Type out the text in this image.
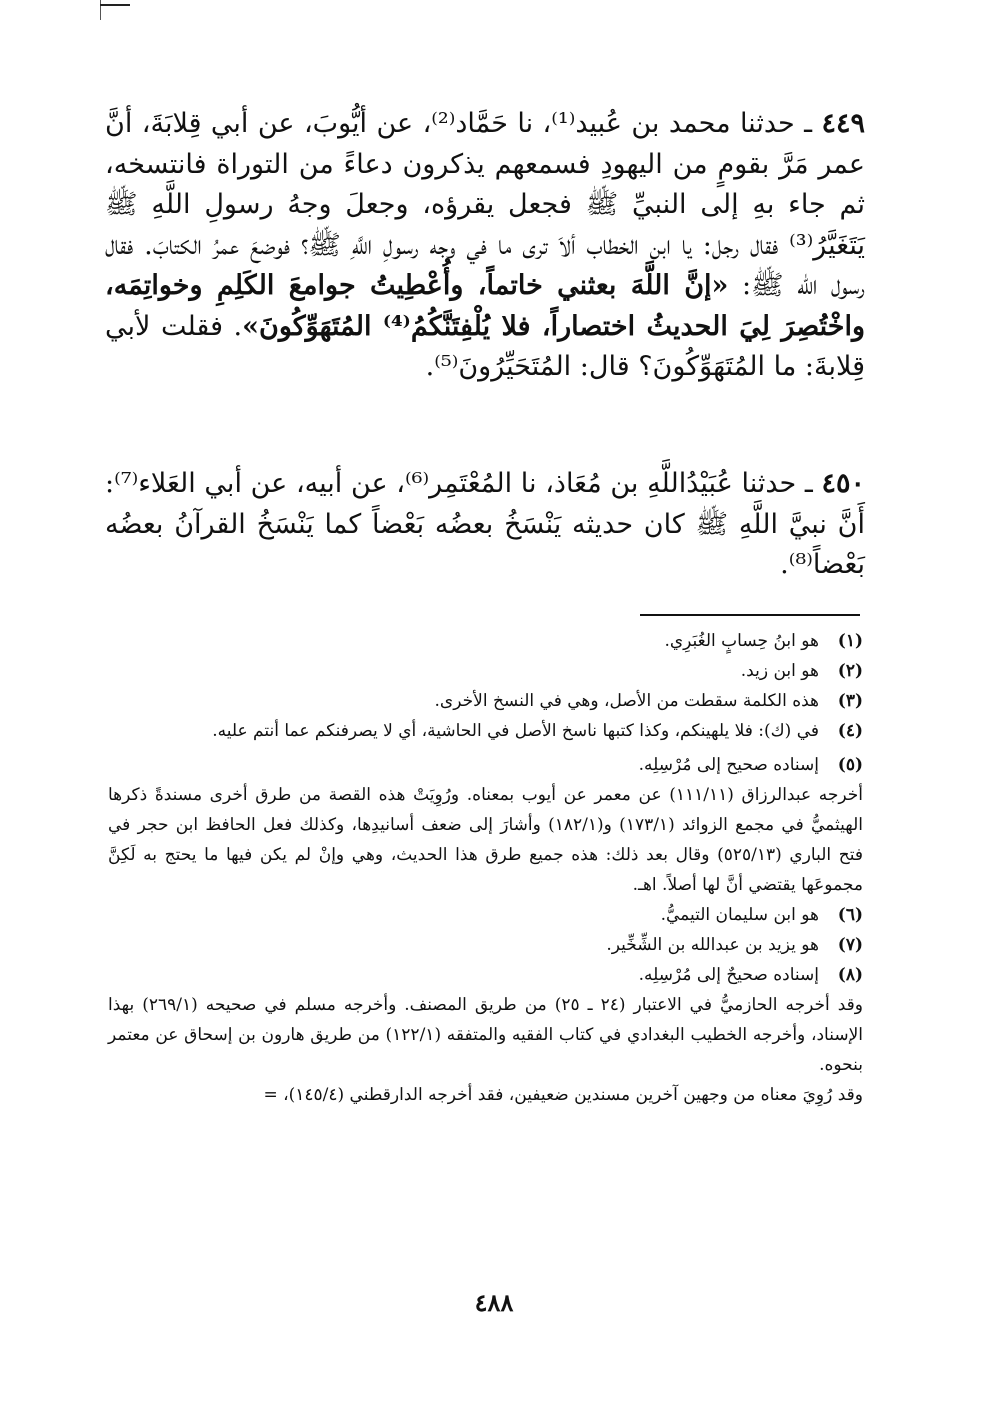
٤٤٩ ـ حدثنا محمد بن عُبيد⁽¹⁾، نا حَمَّاد⁽²⁾، عن أيُّوبَ، عن أبي قِلابَةَ، أنَّ عمر مَرَّ بقومٍ من اليهودِ فسمعهم يذكرون دعاءً من التوراة فانتسخه، ثم جاء بهِ إلى النبيِّ ﷺ فجعل يقرؤه، وجعلَ وجهُ رسولِ اللَّهِ ﷺ يَتَغَيَّرُ⁽³⁾ فقال رجل: يا ابن الخطاب ألاَ ترى ما في وجه رسولِ اللَّهِ ﷺ؟ فوضعَ عمرُ الكتابَ. فقال رسول الله ﷺ: «إنَّ اللَّهَ بعثني خاتماً، وأُعْطِيتُ جوامعَ الكَلِمِ وخواتِمَه، واخْتُصِرَ لِيَ الحديثُ اختصاراً، فلا يُلْفِتَنَّكُمُ⁽⁴⁾ المُتَهَوِّكُونَ». فقلت لأبي قِلابةَ: ما المُتَهَوِّكُونَ؟ قال: المُتَحَيِّرُونَ⁽⁵⁾.
٤٥٠ ـ حدثنا عُبَيْدُاللَّهِ بن مُعَاذ، نا المُعْتَمِر⁽⁶⁾، عن أبيه، عن أبي العَلاء⁽⁷⁾: أَنَّ نبيَّ اللَّهِ ﷺ كان حديثه يَنْسَخُ بعضُه بَعْضاً كما يَنْسَخُ القرآنُ بعضُه بَعْضاً⁽⁸⁾.
(١)
هو ابنُ حِسابٍ الغُبَرِي.
(٢)
هو ابن زيد.
(٣)
هذه الكلمة سقطت من الأصل، وهي في النسخ الأخرى.
(٤)
في (ك): فلا يلهينكم، وكذا كتبها ناسخ الأصل في الحاشية، أي لا يصرفنكم عما أنتم عليه.
(٥)
إسناده صحيح إلى مُرْسِلِه.
أخرجه عبدالرزاق (١١١/١١) عن معمر عن أيوب بمعناه. ورُوِيَتْ هذه القصة من طرق أخرى مسندةً ذكرها الهيثميُّ في مجمع الزوائد (١٧٣/١) و(١٨٢/١) وأشارَ إلى ضعف أسانيدِها، وكذلك فعل الحافظ ابن حجر في فتح الباري (٥٢٥/١٣) وقال بعد ذلك: هذه جميع طرق هذا الحديث، وهي وإنْ لم يكن فيها ما يحتج به لَكِنَّ مجموعَها يقتضي أنَّ لها أصلاً. اهـ.
(٦)
هو ابن سليمان التيميُّ.
(٧)
هو يزيد بن عبدالله بن الشِّخِّير.
(٨)
إسناده صحيحٌ إلى مُرْسِلِه.
وقد أخرجه الحازميُّ في الاعتبار (٢٤ ـ ٢٥) من طريق المصنف. وأخرجه مسلم في صحيحه (٢٦٩/١) بهذا الإسناد، وأخرجه الخطيب البغدادي في كتاب الفقيه والمتفقه (١٢٢/١) من طريق هارون بن إسحاق عن معتمر بنحوه.
وقد رُوِيَ معناه من وجهين آخرين مسندين ضعيفين، فقد أخرجه الدارقطني (١٤٥/٤)، =
٤٨٨
